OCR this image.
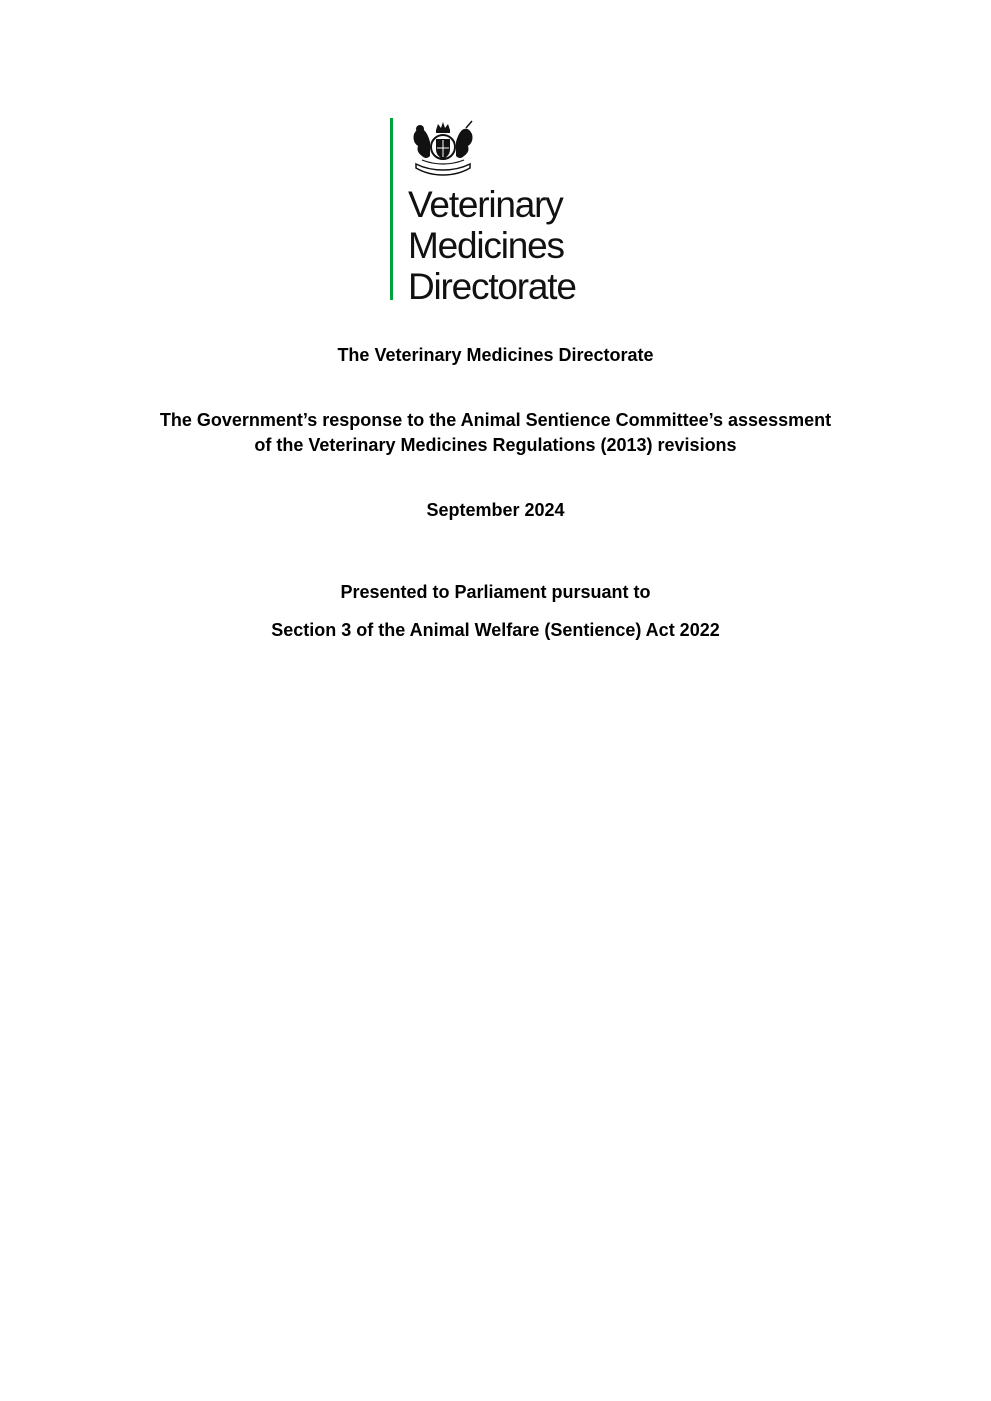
Veterinary
Medicines
Directorate
The Veterinary Medicines Directorate
The Government’s response to the Animal Sentience Committee’s assessment
of the Veterinary Medicines Regulations (2013) revisions
September 2024
Presented to Parliament pursuant to
Section 3 of the Animal Welfare (Sentience) Act 2022
